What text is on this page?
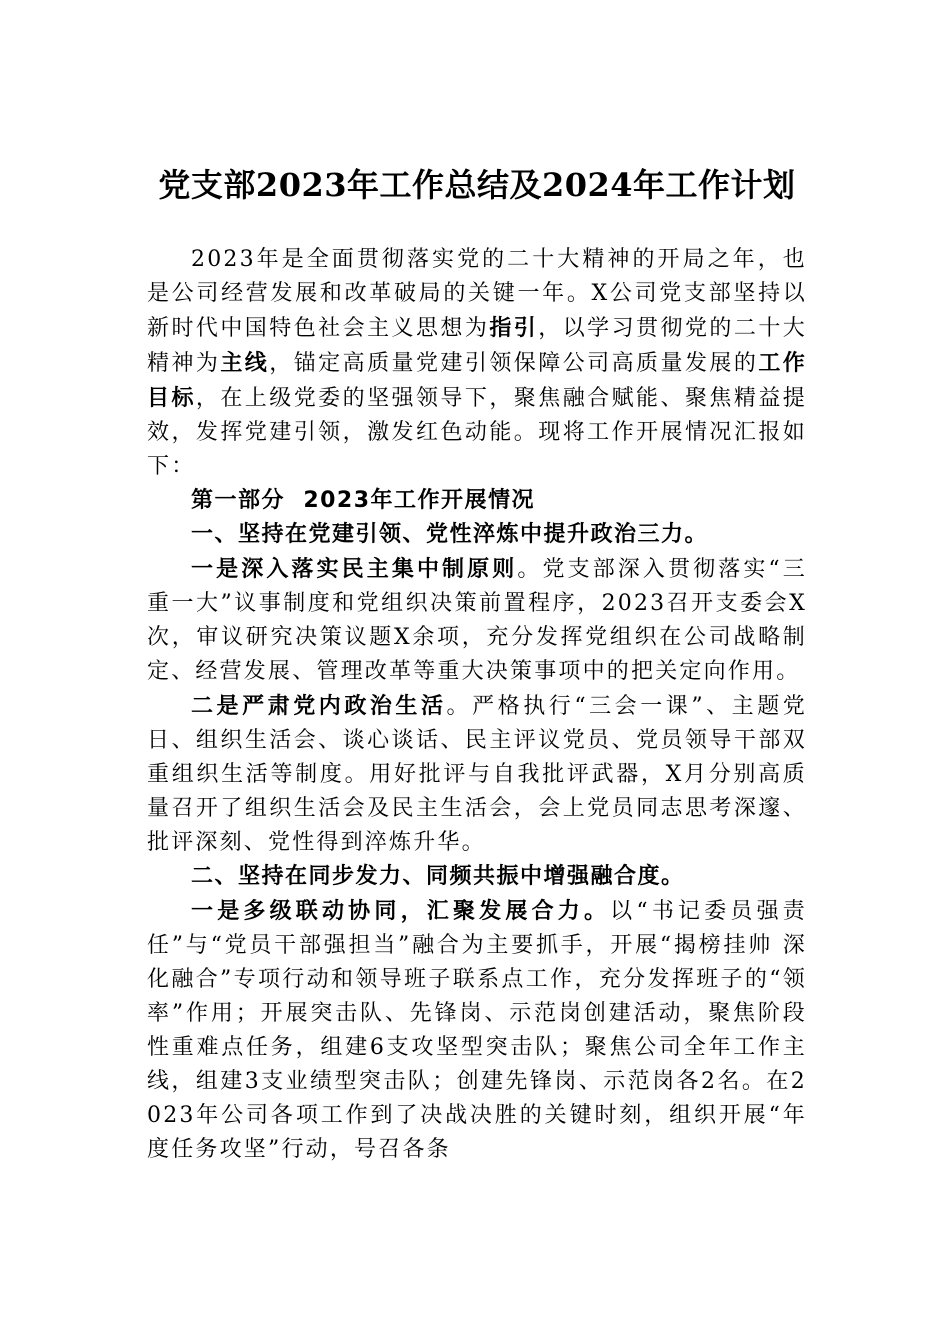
党支部2023年工作总结及2024年工作计划

2023年是全面贯彻落实党的二十大精神的开局之年，也是公司经营发展和改革破局的关键一年。X公司党支部坚持以新时代中国特色社会主义思想为指引，以学习贯彻党的二十大精神为主线，锚定高质量党建引领保障公司高质量发展的工作目标，在上级党委的坚强领导下，聚焦融合赋能、聚焦精益提效，发挥党建引领，激发红色动能。现将工作开展情况汇报如下：

第一部分  2023年工作开展情况

一、坚持在党建引领、党性淬炼中提升政治三力。

一是深入落实民主集中制原则。党支部深入贯彻落实“三重一大”议事制度和党组织决策前置程序，2023召开支委会X次，审议研究决策议题X余项，充分发挥党组织在公司战略制定、经营发展、管理改革等重大决策事项中的把关定向作用。

二是严肃党内政治生活。严格执行“三会一课”、主题党日、组织生活会、谈心谈话、民主评议党员、党员领导干部双重组织生活等制度。用好批评与自我批评武器，X月分别高质量召开了组织生活会及民主生活会，会上党员同志思考深邃、批评深刻、党性得到淬炼升华。

二、坚持在同步发力、同频共振中增强融合度。

一是多级联动协同，汇聚发展合力。以“书记委员强责任”与“党员干部强担当”融合为主要抓手，开展“揭榜挂帅 深化融合”专项行动和领导班子联系点工作，充分发挥班子的“领率”作用；开展突击队、先锋岗、示范岗创建活动，聚焦阶段性重难点任务，组建6支攻坚型突击队；聚焦公司全年工作主线，组建3支业绩型突击队；创建先锋岗、示范岗各2名。在2023年公司各项工作到了决战决胜的关键时刻，组织开展“年度任务攻坚”行动，号召各条
